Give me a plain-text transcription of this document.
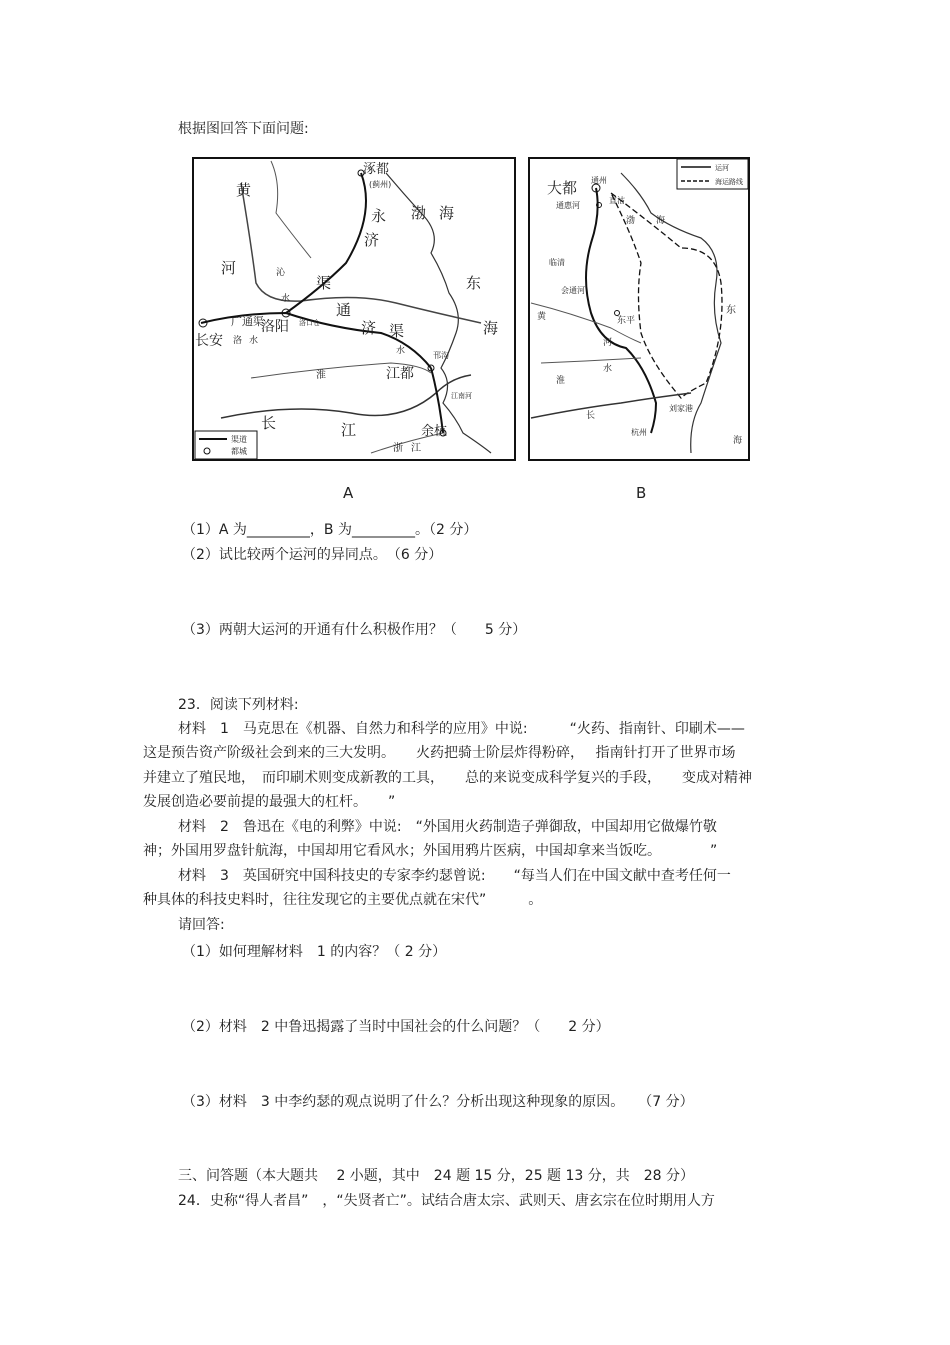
根据图回答下面问题:
渠道
都城
涿都
(蓟州)
黄
河
永
济
渠
渤 海
东
海
通
济 渠
广通渠
长安
洛阳 洛口仓
洛 水
淮
水
江都
邗沟
江南河
余杭
长	江
浙 江
沁
水
A
运河
海运路线
大都 通州
通惠河
直沽
渤 海
临清
会通河
东平
黄
河
淮
水
长
东
刘家港
杭州
海
B
（1）A 为_________，B 为_________。（2 分）
（2）试比较两个运河的异同点。　（6 分）
（3）两朝大运河的开通有什么积极作用？（　　5 分）
23．阅读下列材料:
材料　1　马克思在《机器、自然力和科学的应用》中说:　　　“火药、指南针、印刷术——
这是预告资产阶级社会到来的三大发明。　　火药把骑士阶层炸得粉碎，　 指南针打开了世界市场
并建立了殖民地，　而印刷术则变成新教的工具，　　总的来说变成科学复兴的手段，　　变成对精神
发展创造必要前提的最强大的杠杆。　　”
材料　2　鲁迅在《电的利弊》中说:　“外国用火药制造子弹御敌，中国却用它做爆竹敬
神；外国用罗盘针航海，中国却用它看风水；外国用鸦片医病，中国却拿来当饭吃。　　　　”
材料　3　英国研究中国科技史的专家李约瑟曾说:　　“每当人们在中国文献中查考任何一
种具体的科技史料时，往往发现它的主要优点就在宋代”　　　。
请回答:
（1）如何理解材料　1 的内容？（ 2 分）
（2）材料　2 中鲁迅揭露了当时中国社会的什么问题？（　　2 分）
（3）材料　3 中李约瑟的观点说明了什么？分析出现这种现象的原因。　　（7 分）
三、问答题（本大题共　 2 小题，其中　24 题 15 分，25 题 13 分，共　28 分）
24．史称“得人者昌”　，“失贤者亡”。试结合唐太宗、武则天、唐玄宗在位时期用人方
